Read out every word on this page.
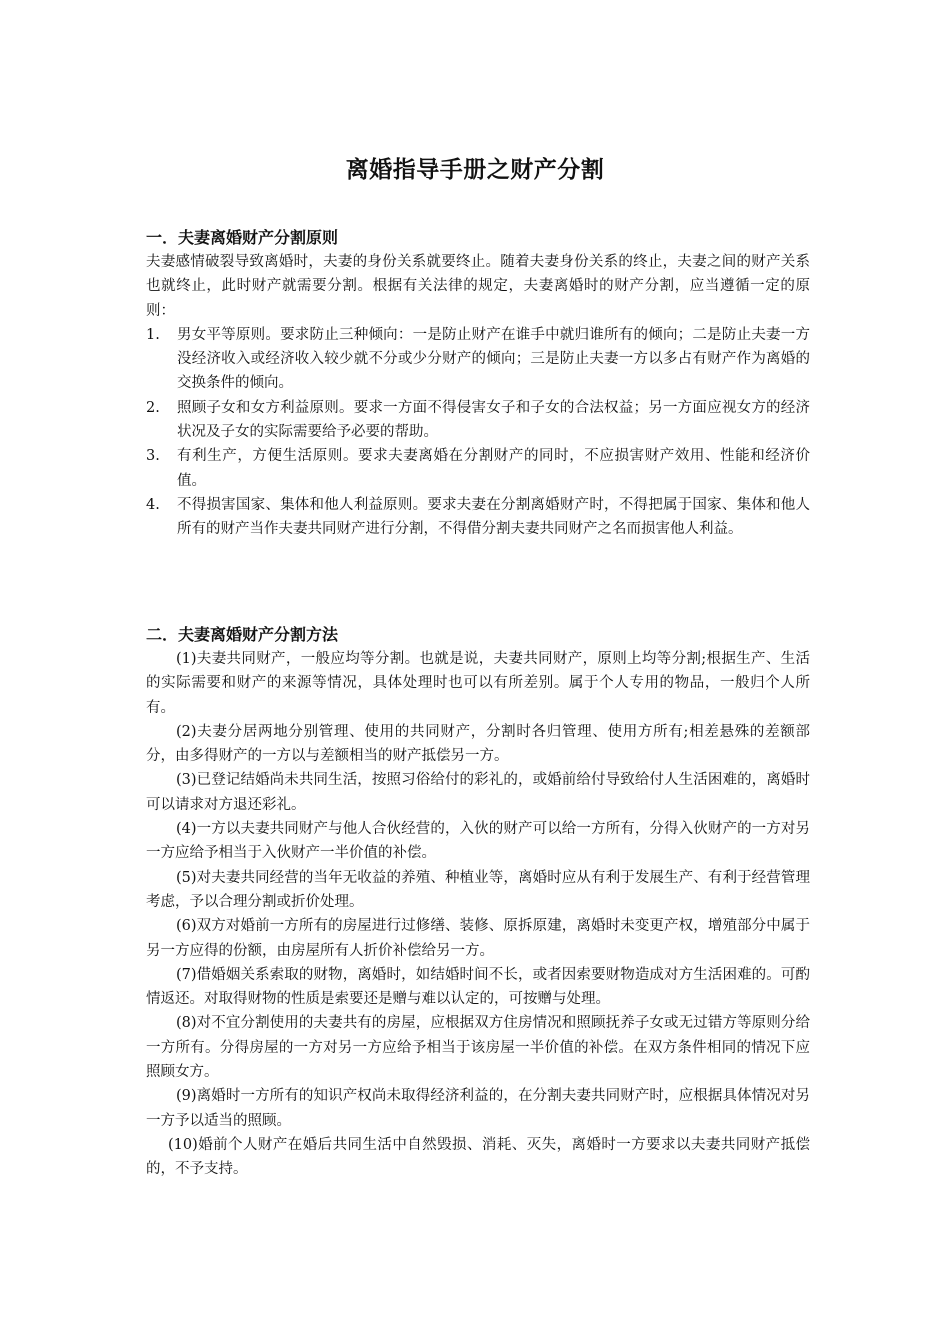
离婚指导手册之财产分割
一．夫妻离婚财产分割原则

夫妻感情破裂导致离婚时，夫妻的身份关系就要终止。随着夫妻身份关系的终止，夫妻之间的财产关系也就终止，此时财产就需要分割。根据有关法律的规定，夫妻离婚时的财产分割，应当遵循一定的原则：

1.	男女平等原则。要求防止三种倾向：一是防止财产在谁手中就归谁所有的倾向；二是防止夫妻一方没经济收入或经济收入较少就不分或少分财产的倾向；三是防止夫妻一方以多占有财产作为离婚的交换条件的倾向。
2.	照顾子女和女方利益原则。要求一方面不得侵害女子和子女的合法权益；另一方面应视女方的经济状况及子女的实际需要给予必要的帮助。
3.	有利生产，方便生活原则。要求夫妻离婚在分割财产的同时，不应损害财产效用、性能和经济价值。
4.	不得损害国家、集体和他人利益原则。要求夫妻在分割离婚财产时，不得把属于国家、集体和他人所有的财产当作夫妻共同财产进行分割，不得借分割夫妻共同财产之名而损害他人利益。
二．夫妻离婚财产分割方法

(1)夫妻共同财产，一般应均等分割。也就是说，夫妻共同财产，原则上均等分割;根据生产、生活的实际需要和财产的来源等情况，具体处理时也可以有所差别。属于个人专用的物品，一般归个人所有。

(2)夫妻分居两地分别管理、使用的共同财产，分割时各归管理、使用方所有;相差悬殊的差额部分，由多得财产的一方以与差额相当的财产抵偿另一方。

(3)已登记结婚尚未共同生活，按照习俗给付的彩礼的，或婚前给付导致给付人生活困难的，离婚时可以请求对方退还彩礼。

(4)一方以夫妻共同财产与他人合伙经营的，入伙的财产可以给一方所有，分得入伙财产的一方对另一方应给予相当于入伙财产一半价值的补偿。

(5)对夫妻共同经营的当年无收益的养殖、种植业等，离婚时应从有利于发展生产、有利于经营管理考虑，予以合理分割或折价处理。

(6)双方对婚前一方所有的房屋进行过修缮、装修、原拆原建，离婚时未变更产权，增殖部分中属于另一方应得的份额，由房屋所有人折价补偿给另一方。

(7)借婚姻关系索取的财物，离婚时，如结婚时间不长，或者因索要财物造成对方生活困难的。可酌情返还。对取得财物的性质是索要还是赠与难以认定的，可按赠与处理。

(8)对不宜分割使用的夫妻共有的房屋，应根据双方住房情况和照顾抚养子女或无过错方等原则分给一方所有。分得房屋的一方对另一方应给予相当于该房屋一半价值的补偿。在双方条件相同的情况下应照顾女方。

(9)离婚时一方所有的知识产权尚未取得经济利益的，在分割夫妻共同财产时，应根据具体情况对另一方予以适当的照顾。

(10)婚前个人财产在婚后共同生活中自然毁损、消耗、灭失，离婚时一方要求以夫妻共同财产抵偿的，不予支持。
